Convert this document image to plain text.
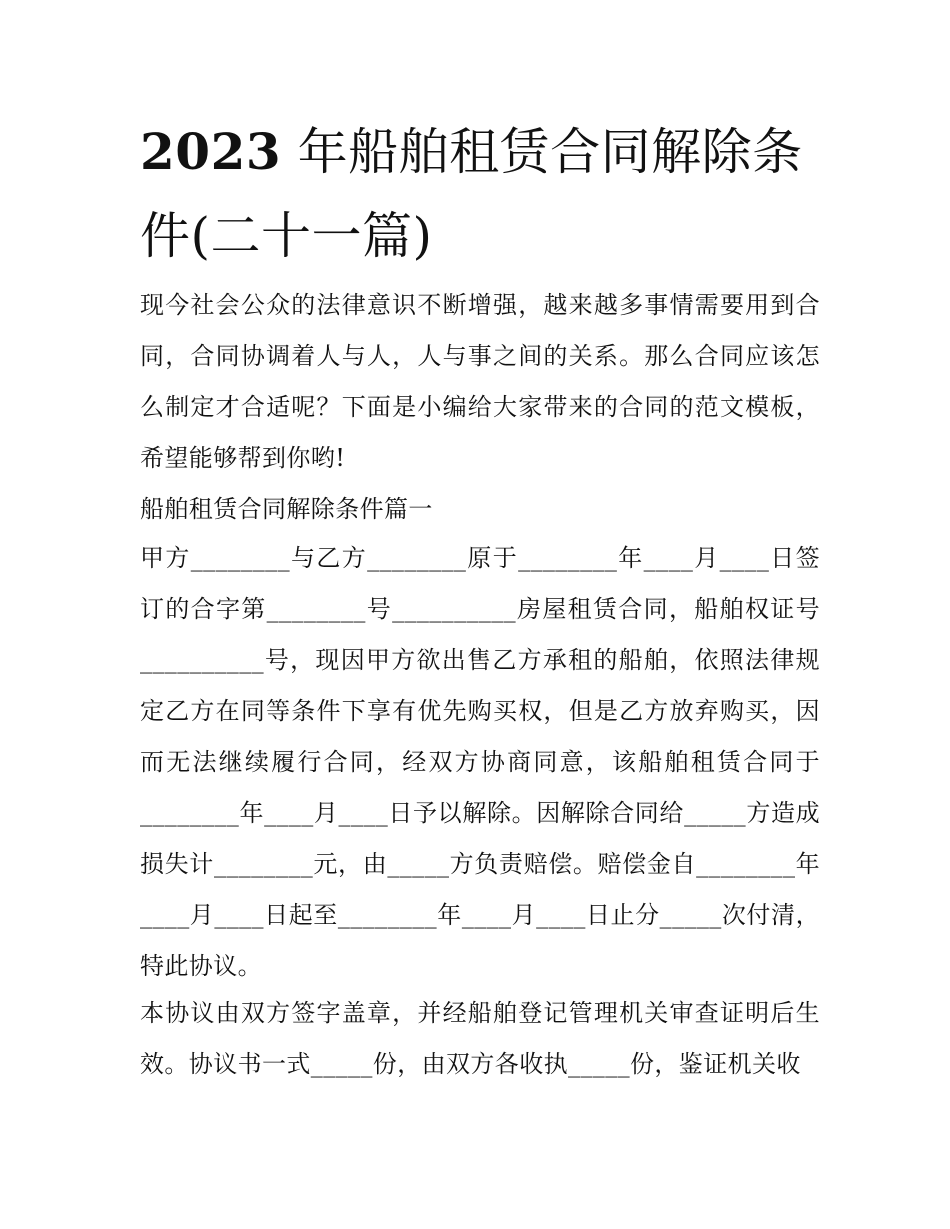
2023 年船舶租赁合同解除条件(二十一篇)

现今社会公众的法律意识不断增强，越来越多事情需要用到合同，合同协调着人与人，人与事之间的关系。那么合同应该怎么制定才合适呢？下面是小编给大家带来的合同的范文模板，希望能够帮到你哟!

船舶租赁合同解除条件篇一

甲方________与乙方________原于________年____月____日签订的合字第________号__________房屋租赁合同，船舶权证号__________号，现因甲方欲出售乙方承租的船舶，依照法律规定乙方在同等条件下享有优先购买权，但是乙方放弃购买，因而无法继续履行合同，经双方协商同意，该船舶租赁合同于________年____月____日予以解除。因解除合同给_____方造成损失计________元，由_____方负责赔偿。赔偿金自________年____月____日起至________年____月____日止分_____次付清，特此协议。

本协议由双方签字盖章，并经船舶登记管理机关审查证明后生效。协议书一式_____份，由双方各收执_____份，鉴证机关收
